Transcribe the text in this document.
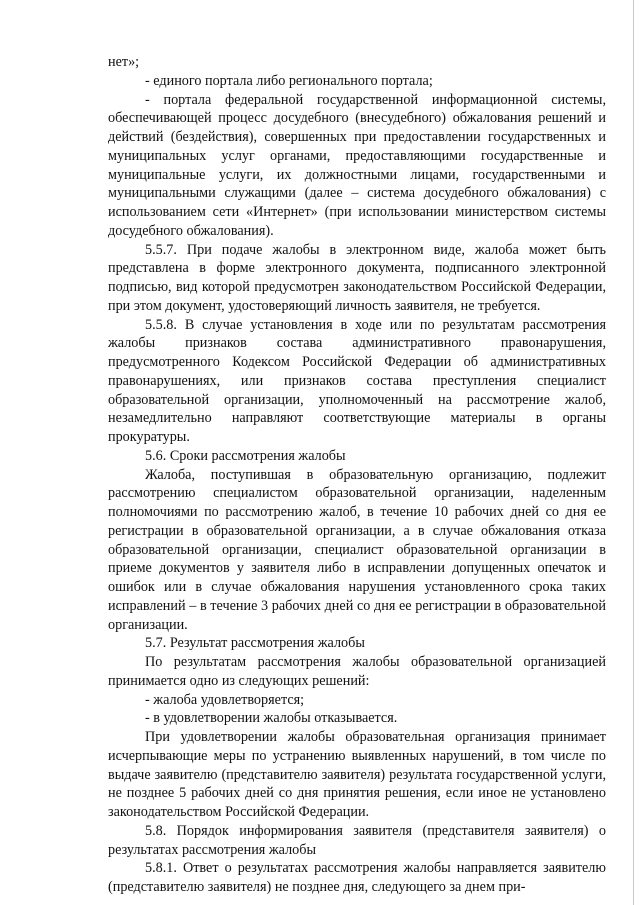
нет»;

- единого портала либо регионального портала;

- портала федеральной государственной информационной системы, обеспечивающей процесс досудебного (внесудебного) обжалования решений и действий (бездействия), совершенных при предоставлении государственных и муниципальных услуг органами, предоставляющими государственные и муниципальные услуги, их должностными лицами, государственными и муниципальными служащими (далее – система досудебного обжалования) с использованием сети «Интернет» (при использовании министерством системы досудебного обжалования).

5.5.7. При подаче жалобы в электронном виде, жалоба может быть представлена в форме электронного документа, подписанного электронной подписью, вид которой предусмотрен законодательством Российской Федерации, при этом документ, удостоверяющий личность заявителя, не требуется.

5.5.8. В случае установления в ходе или по результатам рассмотрения жалобы признаков состава административного правонарушения, предусмотренного Кодексом Российской Федерации об административных правонарушениях, или признаков состава преступления специалист образовательной организации, уполномоченный на рассмотрение жалоб, незамедлительно направляют соответствующие материалы в органы прокуратуры.

5.6. Сроки рассмотрения жалобы

Жалоба, поступившая в образовательную организацию, подлежит рассмотрению специалистом образовательной организации, наделенным полномочиями по рассмотрению жалоб, в течение 10 рабочих дней со дня ее регистрации в образовательной организации, а в случае обжалования отказа образовательной организации, специалист образовательной организации в приеме документов у заявителя либо в исправлении допущенных опечаток и ошибок или в случае обжалования нарушения установленного срока таких исправлений – в течение 3 рабочих дней со дня ее регистрации в образовательной организации.

5.7. Результат рассмотрения жалобы

По результатам рассмотрения жалобы образовательной организацией принимается одно из следующих решений:

- жалоба удовлетворяется;

- в удовлетворении жалобы отказывается.

При удовлетворении жалобы образовательная организация принимает исчерпывающие меры по устранению выявленных нарушений, в том числе по выдаче заявителю (представителю заявителя) результата государственной услуги, не позднее 5 рабочих дней со дня принятия решения, если иное не установлено законодательством Российской Федерации.

5.8. Порядок информирования заявителя (представителя заявителя) о результатах рассмотрения жалобы

5.8.1. Ответ о результатах рассмотрения жалобы направляется заявителю (представителю заявителя) не позднее дня, следующего за днем при-
